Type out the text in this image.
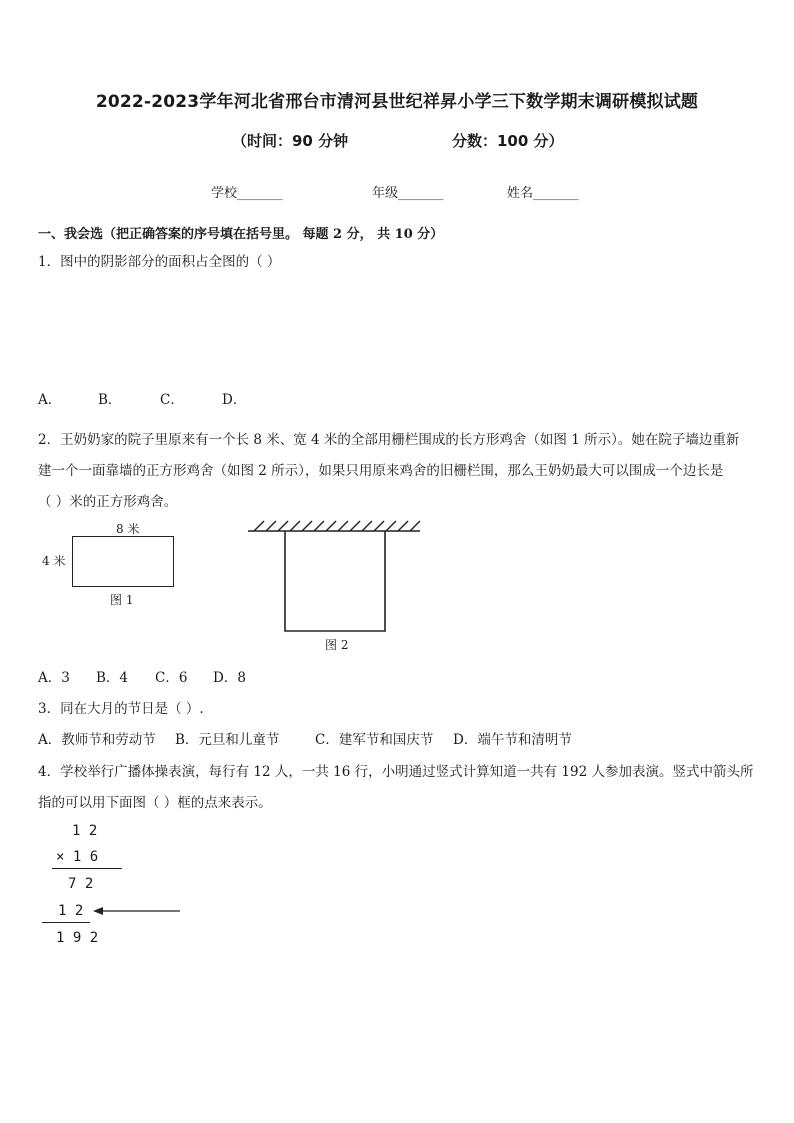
2022-2023学年河北省邢台市清河县世纪祥昇小学三下数学期末调研模拟试题
（时间：90 分钟	分数：100 分）
学校_______	年级_______	姓名_______
一、我会选（把正确答案的序号填在括号里。 每题 2 分， 共 10 分）
1．图中的阴影部分的面积占全图的（ ）
A．	B．	C．	D．
2．王奶奶家的院子里原来有一个长 8 米、宽 4 米的全部用栅栏围成的长方形鸡舍（如图 1 所示）。她在院子墙边重新
建一个一面靠墙的正方形鸡舍（如图 2 所示），如果只用原来鸡舍的旧栅栏围，那么王奶奶最大可以围成一个边长是
（ ）米的正方形鸡舍。
8 米
4 米
图 1
图 2
A．3 B．4 C．6 D．8
3．同在大月的节日是（ ）.
A．教师节和劳动节 B．元旦和儿童节	C．建军节和国庆节 D．端午节和清明节
4．学校举行广播体操表演，每行有 12 人，一共 16 行，小明通过竖式计算知道一共有 192 人参加表演。竖式中箭头所
指的可以用下面图（ ）框的点来表示。
1 2
× 1 6
7 2
1 2
1 9 2
